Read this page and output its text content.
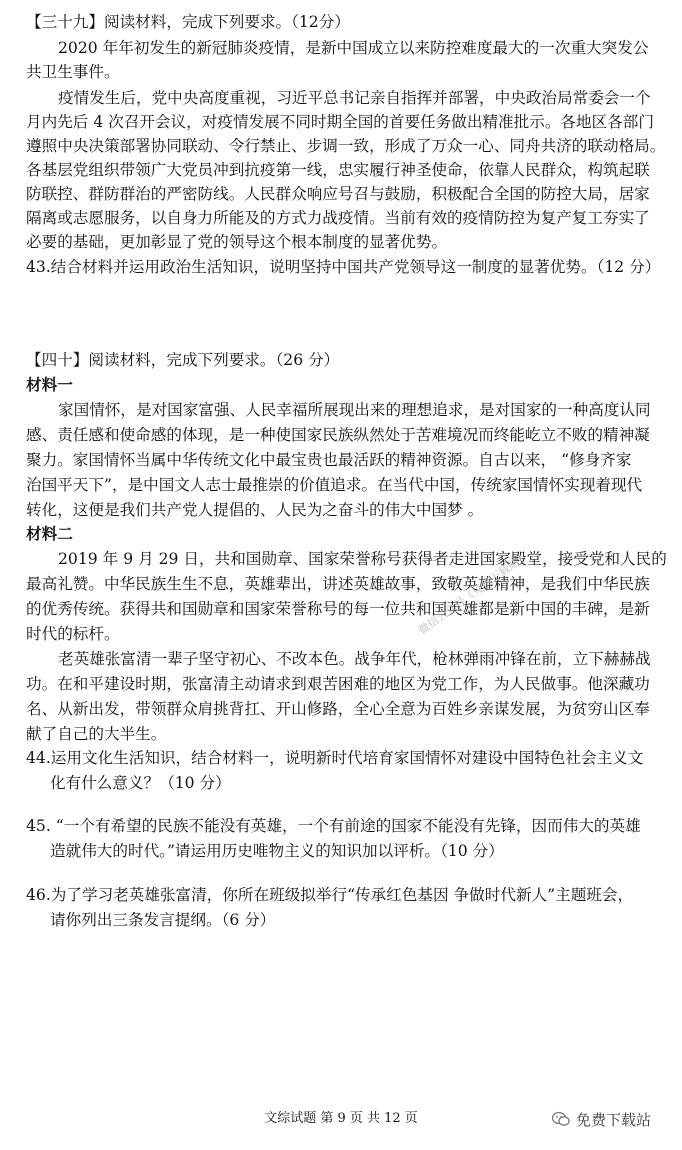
【三十九】阅读材料，完成下列要求。（12分）
2020 年年初发生的新冠肺炎疫情，是新中国成立以来防控难度最大的一次重大突发公
共卫生事件。
疫情发生后，党中央高度重视，习近平总书记亲自指挥并部署，中央政治局常委会一个
月内先后 4 次召开会议，对疫情发展不同时期全国的首要任务做出精准批示。各地区各部门
遵照中央决策部署协同联动、令行禁止、步调一致，形成了万众一心、同舟共济的联动格局。
各基层党组织带领广大党员冲到抗疫第一线，忠实履行神圣使命，依靠人民群众，构筑起联
防联控、群防群治的严密防线。人民群众响应号召与鼓励，积极配合全国的防控大局，居家
隔离或志愿服务，以自身力所能及的方式力战疫情。当前有效的疫情防控为复产复工夯实了
必要的基础，更加彰显了党的领导这个根本制度的显著优势。
43.结合材料并运用政治生活知识，说明坚持中国共产党领导这一制度的显著优势。（12 分）
【四十】阅读材料，完成下列要求。（26 分）
材料一
家国情怀，是对国家富强、人民幸福所展现出来的理想追求，是对国家的一种高度认同
感、责任感和使命感的体现，是一种使国家民族纵然处于苦难境况而终能屹立不败的精神凝
聚力。家国情怀当属中华传统文化中最宝贵也最活跃的精神资源。自古以来， “修身齐家
治国平天下”，是中国文人志士最推崇的价值追求。在当代中国，传统家国情怀实现着现代
转化，这便是我们共产党人提倡的、人民为之奋斗的伟大中国梦 。
材料二
2019 年 9 月 29 日，共和国勋章、国家荣誉称号获得者走进国家殿堂，接受党和人民的
最高礼赞。中华民族生生不息，英雄辈出，讲述英雄故事，致敬英雄精神，是我们中华民族
的优秀传统。获得共和国勋章和国家荣誉称号的每一位共和国英雄都是新中国的丰碑，是新
时代的标杆。
老英雄张富清一辈子坚守初心、不改本色。战争年代，枪林弹雨冲锋在前，立下赫赫战
功。在和平建设时期，张富清主动请求到艰苦困难的地区为党工作，为人民做事。他深藏功
名、从新出发，带领群众肩挑背扛、开山修路，全心全意为百姓乡亲谋发展，为贫穷山区奉
献了自己的大半生。
44.运用文化生活知识，结合材料一，说明新时代培育家国情怀对建设中国特色社会主义文
化有什么意义？（10 分）
45. “一个有希望的民族不能没有英雄，一个有前途的国家不能没有先锋，因而伟大的英雄
造就伟大的时代。”请运用历史唯物主义的知识加以评析。（10 分）
46.为了学习老英雄张富清，你所在班级拟举行“传承红色基因 争做时代新人”主题班会，
请你列出三条发言提纲。（6 分）
微信公众号《免费下载站》
文综试题 第 9 页 共 12 页	免费下载站
